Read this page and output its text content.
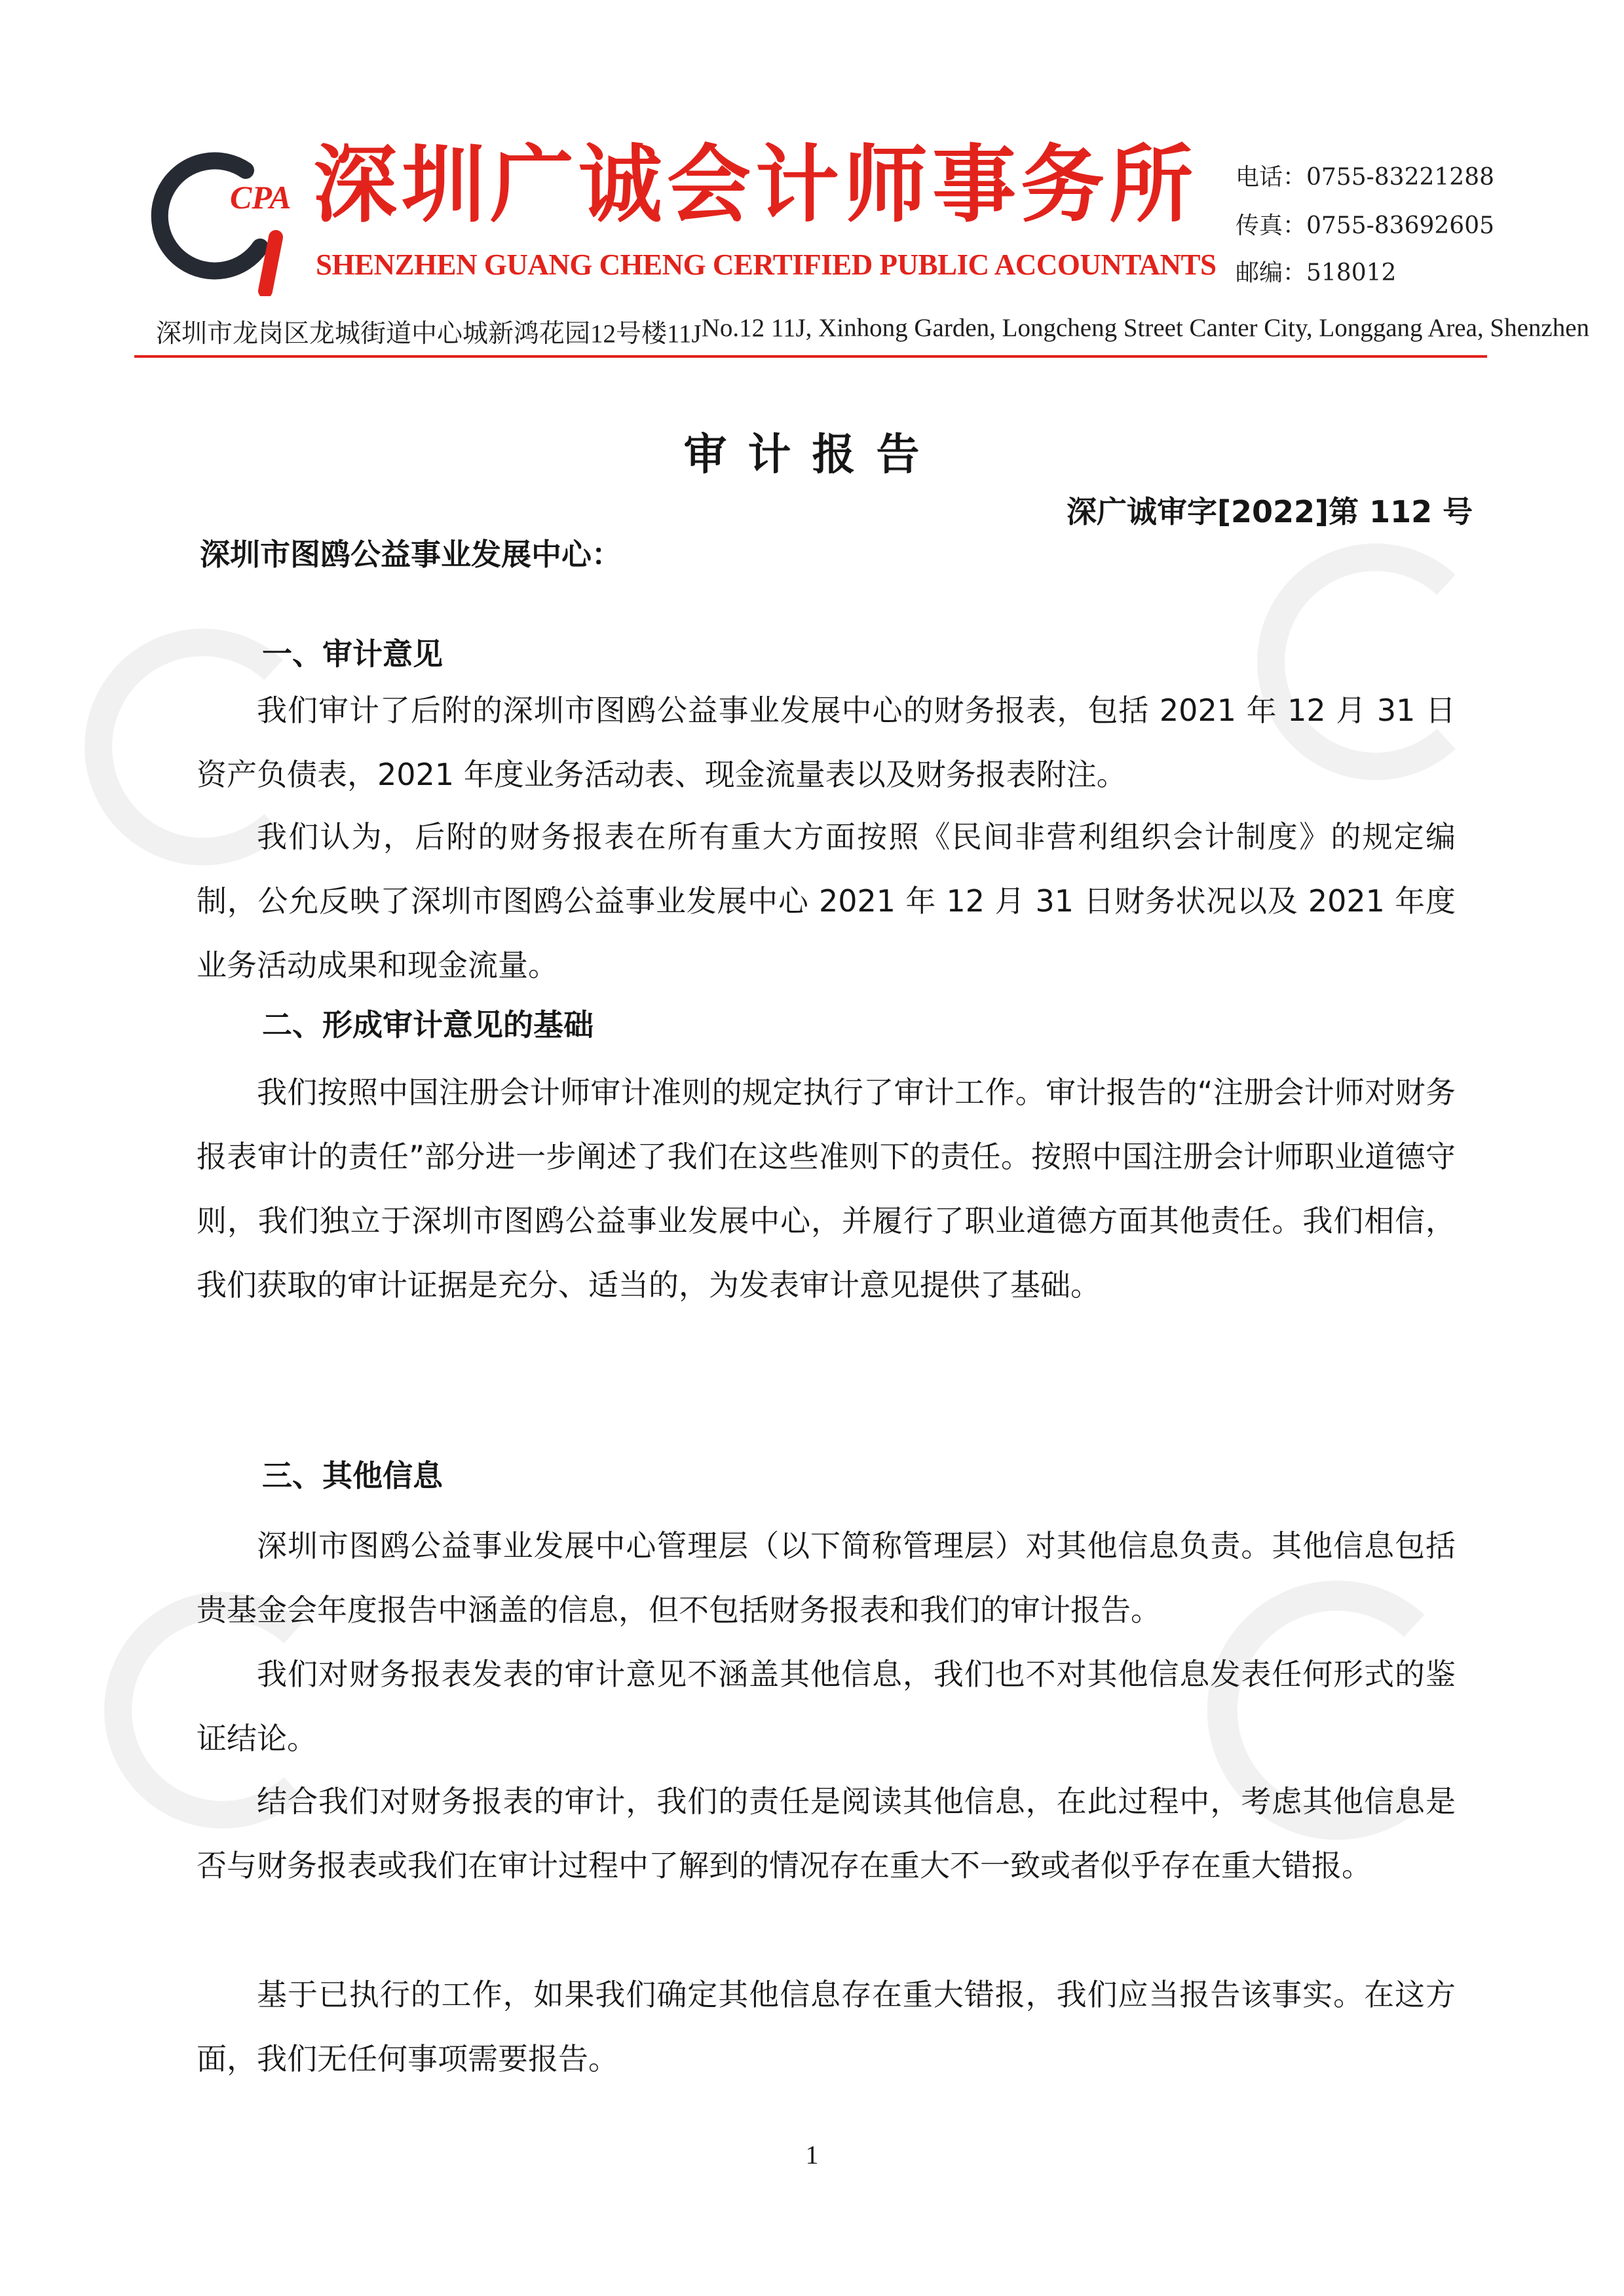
CPA 深圳广诚会计师事务所
SHENZHEN GUANG CHENG CERTIFIED PUBLIC ACCOUNTANTS
电话：0755-83221288
传真：0755-83692605
邮编：518012
深圳市龙岗区龙城街道中心城新鸿花园12号楼11J No.12 11J, Xinhong Garden, Longcheng Street Canter City, Longgang Area, Shenzhen
审计报告
深广诚审字[2022]第 112 号
深圳市图鸥公益事业发展中心：
一、审计意见
我们审计了后附的深圳市图鸥公益事业发展中心的财务报表，包括 2021 年 12 月 31 日资产负债表，2021 年度业务活动表、现金流量表以及财务报表附注。
我们认为，后附的财务报表在所有重大方面按照《民间非营利组织会计制度》的规定编制，公允反映了深圳市图鸥公益事业发展中心 2021 年 12 月 31 日财务状况以及 2021 年度业务活动成果和现金流量。
二、形成审计意见的基础
我们按照中国注册会计师审计准则的规定执行了审计工作。审计报告的“注册会计师对财务报表审计的责任”部分进一步阐述了我们在这些准则下的责任。按照中国注册会计师职业道德守则，我们独立于深圳市图鸥公益事业发展中心，并履行了职业道德方面其他责任。我们相信，我们获取的审计证据是充分、适当的，为发表审计意见提供了基础。
三、其他信息
深圳市图鸥公益事业发展中心管理层（以下简称管理层）对其他信息负责。其他信息包括贵基金会年度报告中涵盖的信息，但不包括财务报表和我们的审计报告。
我们对财务报表发表的审计意见不涵盖其他信息，我们也不对其他信息发表任何形式的鉴证结论。
结合我们对财务报表的审计，我们的责任是阅读其他信息，在此过程中，考虑其他信息是否与财务报表或我们在审计过程中了解到的情况存在重大不一致或者似乎存在重大错报。
基于已执行的工作，如果我们确定其他信息存在重大错报，我们应当报告该事实。在这方面，我们无任何事项需要报告。
1
